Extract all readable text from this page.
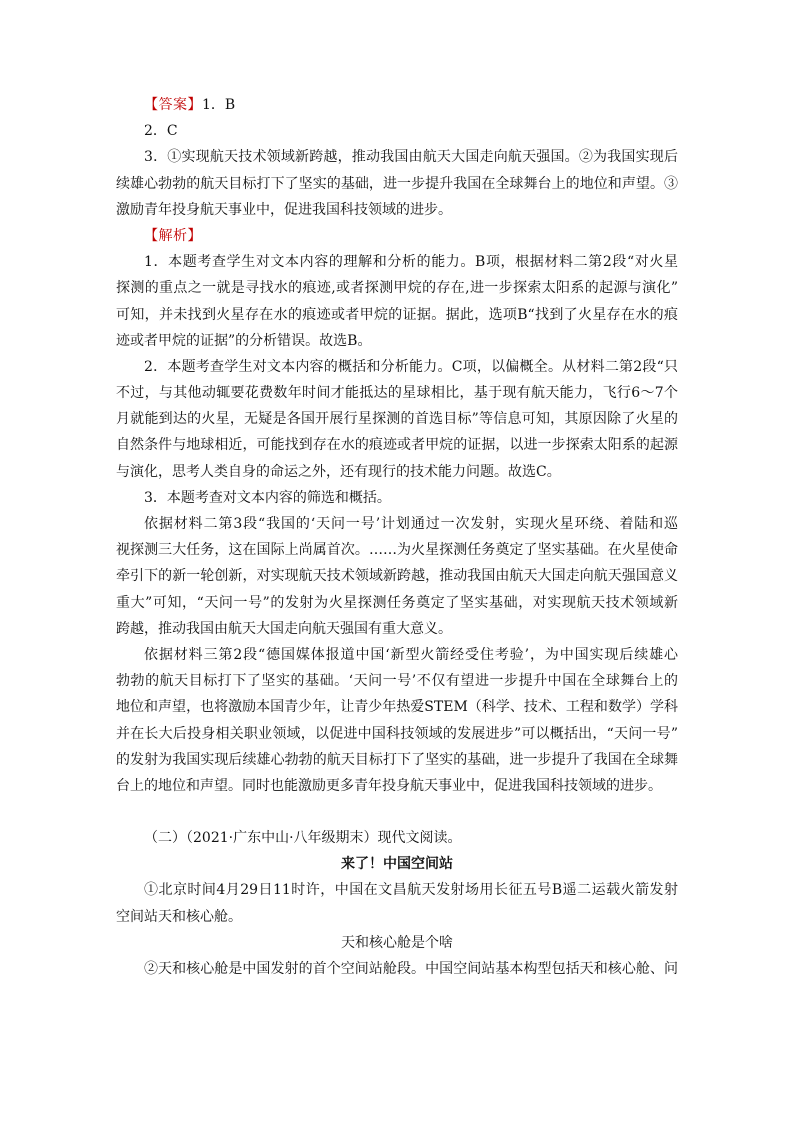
【答案】1．B
2．C
3．①实现航天技术领域新跨越，推动我国由航天大国走向航天强国。②为我国实现后
续雄心勃勃的航天目标打下了坚实的基础，进一步提升我国在全球舞台上的地位和声望。③
激励青年投身航天事业中，促进我国科技领域的进步。
【解析】
1．本题考查学生对文本内容的理解和分析的能力。B项，根据材料二第2段“对火星
探测的重点之一就是寻找水的痕迹,或者探测甲烷的存在,进一步探索太阳系的起源与演化”
可知，并未找到火星存在水的痕迹或者甲烷的证据。据此，选项B“找到了火星存在水的痕
迹或者甲烷的证据”的分析错误。故选B。
2．本题考查学生对文本内容的概括和分析能力。C项，以偏概全。从材料二第2段“只
不过，与其他动辄要花费数年时间才能抵达的星球相比，基于现有航天能力，飞行6～7个
月就能到达的火星，无疑是各国开展行星探测的首选目标”等信息可知，其原因除了火星的
自然条件与地球相近，可能找到存在水的痕迹或者甲烷的证据，以进一步探索太阳系的起源
与演化，思考人类自身的命运之外，还有现行的技术能力问题。故选C。
3．本题考查对文本内容的筛选和概括。
依据材料二第3段“我国的‘天问一号’计划通过一次发射，实现火星环绕、着陆和巡
视探测三大任务，这在国际上尚属首次。……为火星探测任务奠定了坚实基础。在火星使命
牵引下的新一轮创新，对实现航天技术领域新跨越，推动我国由航天大国走向航天强国意义
重大”可知，“天问一号”的发射为火星探测任务奠定了坚实基础，对实现航天技术领域新
跨越，推动我国由航天大国走向航天强国有重大意义。
依据材料三第2段“德国媒体报道中国‘新型火箭经受住考验’，为中国实现后续雄心
勃勃的航天目标打下了坚实的基础。‘天问一号’不仅有望进一步提升中国在全球舞台上的
地位和声望，也将激励本国青少年，让青少年热爱STEM（科学、技术、工程和数学）学科
并在长大后投身相关职业领域，以促进中国科技领域的发展进步”可以概括出，“天问一号”
的发射为我国实现后续雄心勃勃的航天目标打下了坚实的基础，进一步提升了我国在全球舞
台上的地位和声望。同时也能激励更多青年投身航天事业中，促进我国科技领域的进步。
（二）（2021·广东中山·八年级期末）现代文阅读。
来了！中国空间站
①北京时间4月29日11时许，中国在文昌航天发射场用长征五号B遥二运载火箭发射
空间站天和核心舱。
天和核心舱是个啥
②天和核心舱是中国发射的首个空间站舱段。中国空间站基本构型包括天和核心舱、问
